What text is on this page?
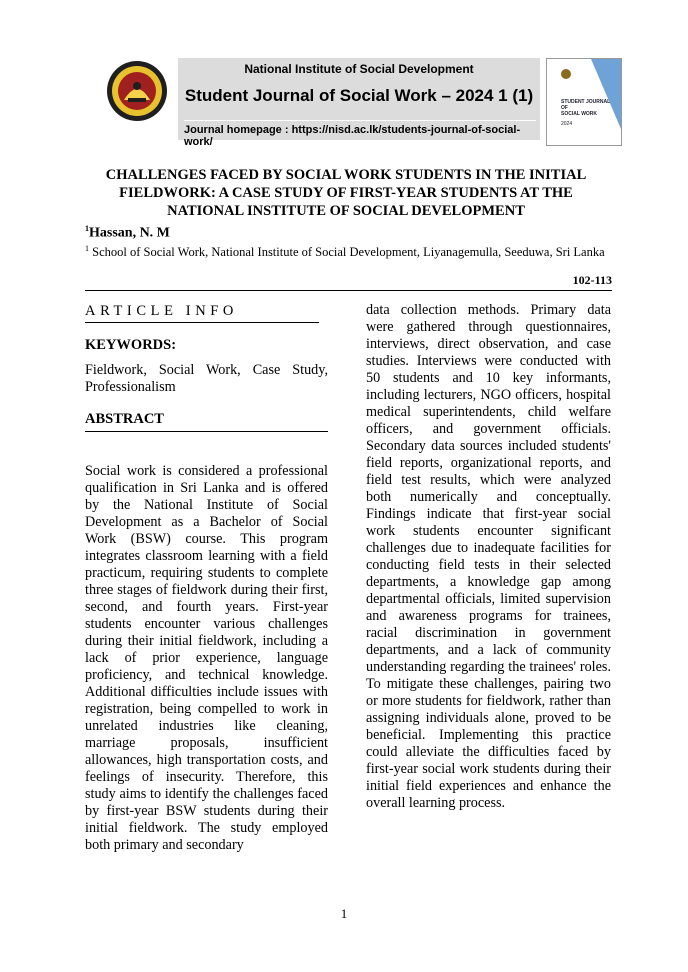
National Institute of Social Development
Student Journal of Social Work – 2024 1 (1)
Journal homepage : https://nisd.ac.lk/students-journal-of-social-work/
STUDENT JOURNAL
OF
SOCIAL WORK
2024
CHALLENGES FACED BY SOCIAL WORK STUDENTS IN THE INITIAL FIELDWORK: A CASE STUDY OF FIRST-YEAR STUDENTS AT THE NATIONAL INSTITUTE OF SOCIAL DEVELOPMENT
$^1$Hassan, N. M
$^1$ School of Social Work, National Institute of Social Development, Liyanagemulla, Seeduwa, Sri Lanka
102-113
ARTICLE INFO
KEYWORDS:
Fieldwork, Social Work, Case Study, Professionalism
ABSTRACT
Social work is considered a professional qualification in Sri Lanka and is offered by the National Institute of Social Development as a Bachelor of Social Work (BSW) course. This program integrates classroom learning with a field practicum, requiring students to complete three stages of fieldwork during their first, second, and fourth years. First-year students encounter various challenges during their initial fieldwork, including a lack of prior experience, language proficiency, and technical knowledge. Additional difficulties include issues with registration, being compelled to work in unrelated industries like cleaning, marriage proposals, insufficient allowances, high transportation costs, and feelings of insecurity. Therefore, this study aims to identify the challenges faced by first-year BSW students during their initial fieldwork. The study employed both primary and secondary
data collection methods. Primary data were gathered through questionnaires, interviews, direct observation, and case studies. Interviews were conducted with 50 students and 10 key informants, including lecturers, NGO officers, hospital medical superintendents, child welfare officers, and government officials. Secondary data sources included students' field reports, organizational reports, and field test results, which were analyzed both numerically and conceptually. Findings indicate that first-year social work students encounter significant challenges due to inadequate facilities for conducting field tests in their selected departments, a knowledge gap among departmental officials, limited supervision and awareness programs for trainees, racial discrimination in government departments, and a lack of community understanding regarding the trainees' roles. To mitigate these challenges, pairing two or more students for fieldwork, rather than assigning individuals alone, proved to be beneficial. Implementing this practice could alleviate the difficulties faced by first-year social work students during their initial field experiences and enhance the overall learning process.
1
